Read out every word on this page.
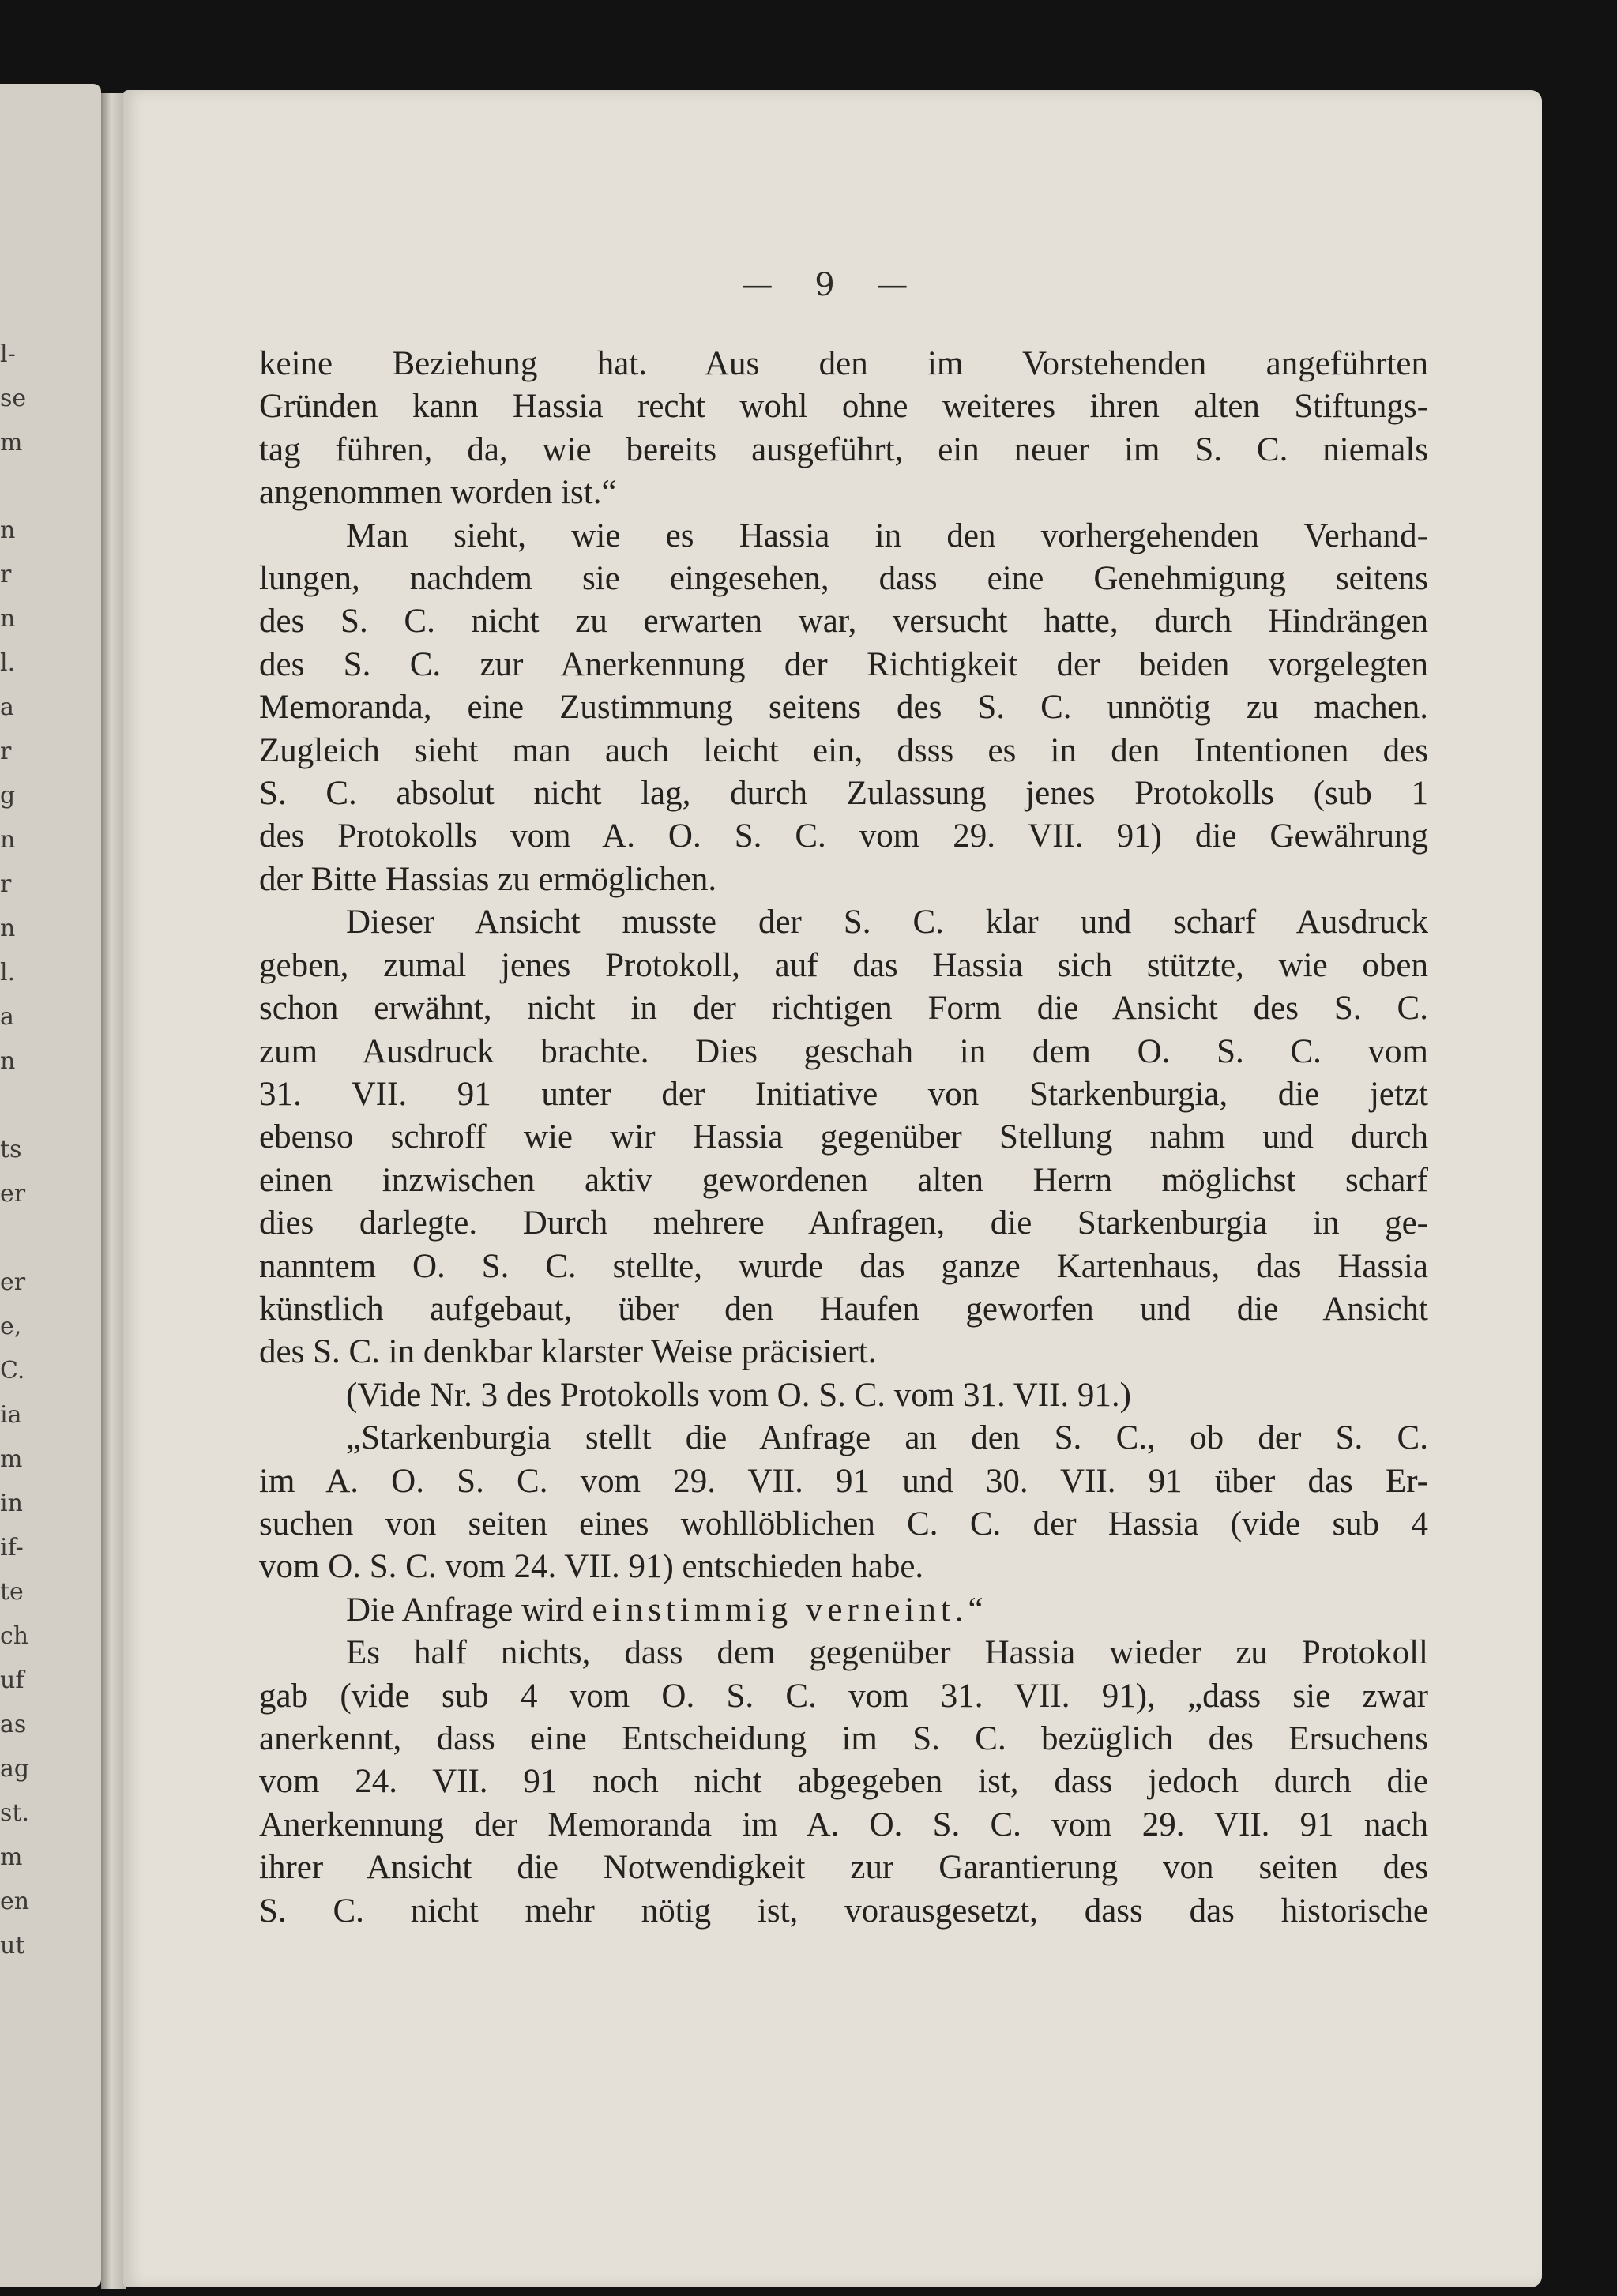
l-
se
m
n
r
n
l.
a
r
g
n
r
n
l.
a
n
ts
er
er
e,
C.
ia
m
in
if-
te
ch
uf
as
ag
st.
m
en
ut
— 9 —
keine Beziehung hat. Aus den im Vorstehenden angeführten
Gründen kann Hassia recht wohl ohne weiteres ihren alten Stiftungs-
tag führen, da, wie bereits ausgeführt, ein neuer im S. C. niemals
angenommen worden ist.“
Man sieht, wie es Hassia in den vorhergehenden Verhand-
lungen, nachdem sie eingesehen, dass eine Genehmigung seitens
des S. C. nicht zu erwarten war, versucht hatte, durch Hindrängen
des S. C. zur Anerkennung der Richtigkeit der beiden vorgelegten
Memoranda, eine Zustimmung seitens des S. C. unnötig zu machen.
Zugleich sieht man auch leicht ein, dsss es in den Intentionen des
S. C. absolut nicht lag, durch Zulassung jenes Protokolls (sub 1
des Protokolls vom A. O. S. C. vom 29. VII. 91) die Gewährung
der Bitte Hassias zu ermöglichen.
Dieser Ansicht musste der S. C. klar und scharf Ausdruck
geben, zumal jenes Protokoll, auf das Hassia sich stützte, wie oben
schon erwähnt, nicht in der richtigen Form die Ansicht des S. C.
zum Ausdruck brachte. Dies geschah in dem O. S. C. vom
31. VII. 91 unter der Initiative von Starkenburgia, die jetzt
ebenso schroff wie wir Hassia gegenüber Stellung nahm und durch
einen inzwischen aktiv gewordenen alten Herrn möglichst scharf
dies darlegte. Durch mehrere Anfragen, die Starkenburgia in ge-
nanntem O. S. C. stellte, wurde das ganze Kartenhaus, das Hassia
künstlich aufgebaut, über den Haufen geworfen und die Ansicht
des S. C. in denkbar klarster Weise präcisiert.
(Vide Nr. 3 des Protokolls vom O. S. C. vom 31. VII. 91.)
„Starkenburgia stellt die Anfrage an den S. C., ob der S. C.
im A. O. S. C. vom 29. VII. 91 und 30. VII. 91 über das Er-
suchen von seiten eines wohllöblichen C. C. der Hassia (vide sub 4
vom O. S. C. vom 24. VII. 91) entschieden habe.
Die Anfrage wird einstimmig verneint.“
Es half nichts, dass dem gegenüber Hassia wieder zu Protokoll
gab (vide sub 4 vom O. S. C. vom 31. VII. 91), „dass sie zwar
anerkennt, dass eine Entscheidung im S. C. bezüglich des Ersuchens
vom 24. VII. 91 noch nicht abgegeben ist, dass jedoch durch die
Anerkennung der Memoranda im A. O. S. C. vom 29. VII. 91 nach
ihrer Ansicht die Notwendigkeit zur Garantierung von seiten des
S. C. nicht mehr nötig ist, vorausgesetzt, dass das historische
